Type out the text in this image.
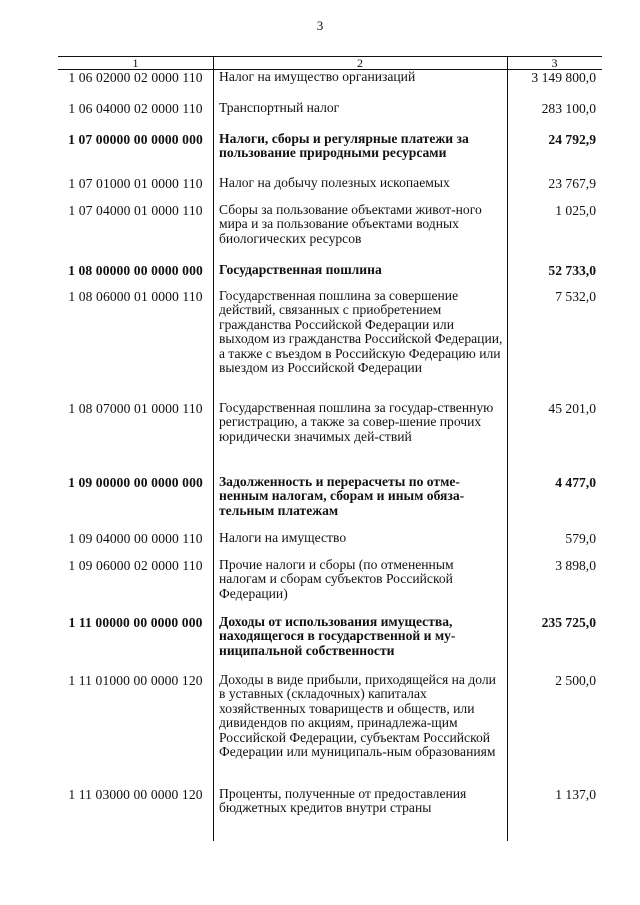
3
1	2	3
1 06 02000 02 0000 110	Налог на имущество организаций	3 149 800,0
1 06 04000 02 0000 110	Транспортный налог	283 100,0
1 07 00000 00 0000 000	Налоги, сборы и регулярные платежи за пользование природными ресурсами	24 792,9
1 07 01000 01 0000 110	Налог на добычу полезных ископаемых	23 767,9
1 07 04000 01 0000 110	Сборы за пользование объектами живот-ного мира и за пользование объектами водных биологических ресурсов	1 025,0
1 08 00000 00 0000 000	Государственная пошлина	52 733,0
1 08 06000 01 0000 110	Государственная пошлина за совершение действий, связанных с приобретением гражданства Российской Федерации или выходом из гражданства Российской Федерации, а также с въездом в Российскую Федерацию или выездом из Российской Федерации	7 532,0
1 08 07000 01 0000 110	Государственная пошлина за государ-ственную регистрацию, а также за совер-шение прочих юридически значимых дей-ствий	45 201,0
1 09 00000 00 0000 000	Задолженность и перерасчеты по отме-ненным налогам, сборам и иным обяза-тельным платежам	4 477,0
1 09 04000 00 0000 110	Налоги на имущество	579,0
1 09 06000 02 0000 110	Прочие налоги и сборы (по отмененным налогам и сборам субъектов Российской Федерации)	3 898,0
1 11 00000 00 0000 000	Доходы от использования имущества, находящегося в государственной и му-ниципальной собственности	235 725,0
1 11 01000 00 0000 120	Доходы в виде прибыли, приходящейся на доли в уставных (складочных) капиталах хозяйственных товариществ и обществ, или дивидендов по акциям, принадлежа-щим Российской Федерации, субъектам Российской Федерации или муниципаль-ным образованиям	2 500,0
1 11 03000 00 0000 120	Проценты, полученные от предоставления бюджетных кредитов внутри страны	1 137,0
